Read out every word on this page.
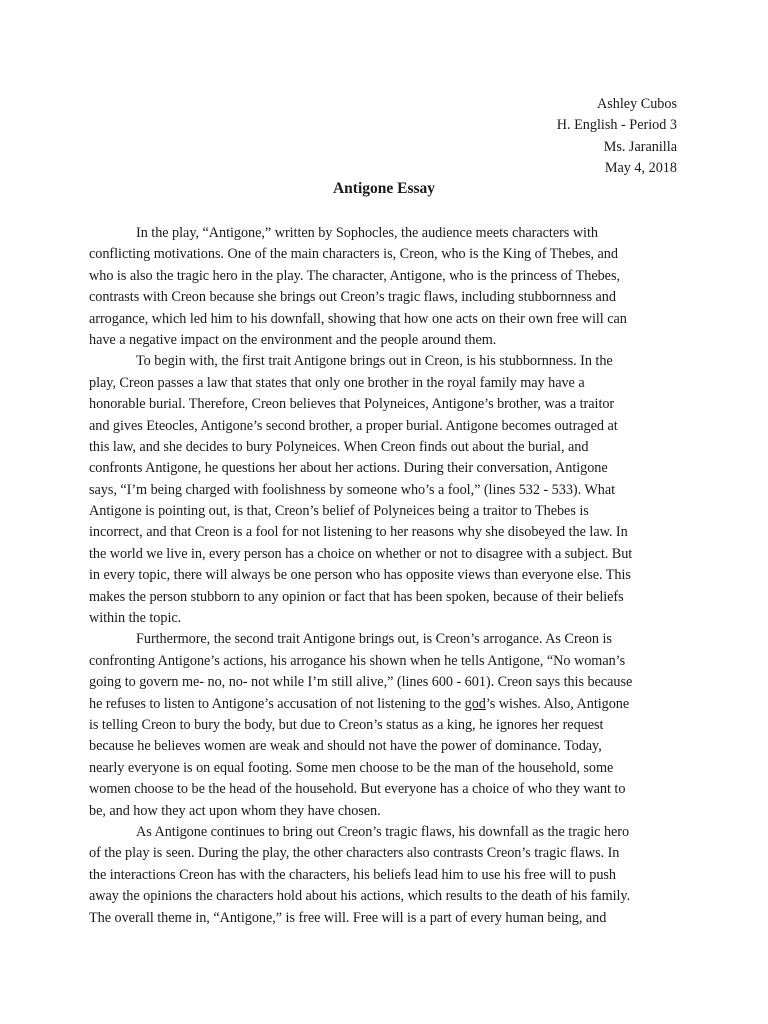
Ashley Cubos
H. English - Period 3
Ms. Jaranilla
May 4, 2018
Antigone Essay
In the play, “Antigone,” written by Sophocles, the audience meets characters with
conflicting motivations. One of the main characters is, Creon, who is the King of Thebes, and
who is also the tragic hero in the play. The character, Antigone, who is the princess of Thebes,
contrasts with Creon because she brings out Creon’s tragic flaws, including stubbornness and
arrogance, which led him to his downfall, showing that how one acts on their own free will can
have a negative impact on the environment and the people around them.
To begin with, the first trait Antigone brings out in Creon, is his stubbornness. In the
play, Creon passes a law that states that only one brother in the royal family may have a
honorable burial. Therefore, Creon believes that Polyneices, Antigone’s brother, was a traitor
and gives Eteocles, Antigone’s second brother, a proper burial. Antigone becomes outraged at
this law, and she decides to bury Polyneices. When Creon finds out about the burial, and
confronts Antigone, he questions her about her actions. During their conversation, Antigone
says, “I’m being charged with foolishness by someone who’s a fool,” (lines 532 - 533). What
Antigone is pointing out, is that, Creon’s belief of Polyneices being a traitor to Thebes is
incorrect, and that Creon is a fool for not listening to her reasons why she disobeyed the law. In
the world we live in, every person has a choice on whether or not to disagree with a subject. But
in every topic, there will always be one person who has opposite views than everyone else. This
makes the person stubborn to any opinion or fact that has been spoken, because of their beliefs
within the topic.
Furthermore, the second trait Antigone brings out, is Creon’s arrogance. As Creon is
confronting Antigone’s actions, his arrogance his shown when he tells Antigone, “No woman’s
going to govern me- no, no- not while I’m still alive,” (lines 600 - 601). Creon says this because
he refuses to listen to Antigone’s accusation of not listening to the god’s wishes. Also, Antigone
is telling Creon to bury the body, but due to Creon’s status as a king, he ignores her request
because he believes women are weak and should not have the power of dominance. Today,
nearly everyone is on equal footing. Some men choose to be the man of the household, some
women choose to be the head of the household. But everyone has a choice of who they want to
be, and how they act upon whom they have chosen.
As Antigone continues to bring out Creon’s tragic flaws, his downfall as the tragic hero
of the play is seen. During the play, the other characters also contrasts Creon’s tragic flaws. In
the interactions Creon has with the characters, his beliefs lead him to use his free will to push
away the opinions the characters hold about his actions, which results to the death of his family.
The overall theme in, “Antigone,” is free will. Free will is a part of every human being, and
